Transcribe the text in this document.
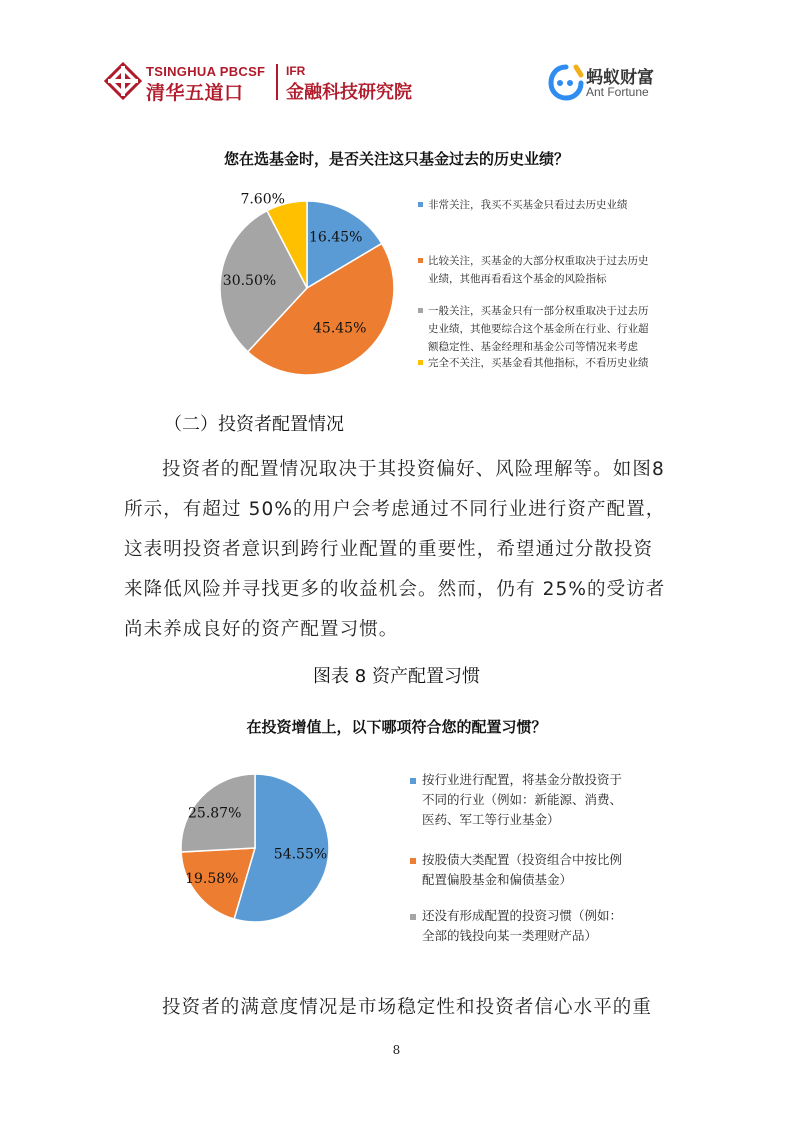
TSINGHUA PBCSF
清华五道口
IFR
金融科技研究院
蚂蚁财富
Ant Fortune
您在选基金时，是否关注这只基金过去的历史业绩？
16.45%
45.45%
30.50%
7.60%	非常关注，我买不买基金只看过去历史业绩
比较关注，买基金的大部分权重取决于过去历史
业绩，其他再看看这个基金的风险指标
一般关注，买基金只有一部分权重取决于过去历
史业绩，其他要综合这个基金所在行业、行业超
额稳定性、基金经理和基金公司等情况来考虑
完全不关注，买基金看其他指标，不看历史业绩
（二）投资者配置情况
投资者的配置情况取决于其投资偏好、风险理解等。如图8
所示，有超过 50%的用户会考虑通过不同行业进行资产配置，
这表明投资者意识到跨行业配置的重要性，希望通过分散投资
来降低风险并寻找更多的收益机会。然而，仍有 25%的受访者
尚未养成良好的资产配置习惯。
图表 8 资产配置习惯
在投资增值上，以下哪项符合您的配置习惯？
54.55%
19.58%
25.87%
按行业进行配置，将基金分散投资于
不同的行业（例如：新能源、消费、
医药、军工等行业基金）
按股债大类配置（投资组合中按比例
配置偏股基金和偏债基金）
还没有形成配置的投资习惯（例如：
全部的钱投向某一类理财产品）
投资者的满意度情况是市场稳定性和投资者信心水平的重
8
